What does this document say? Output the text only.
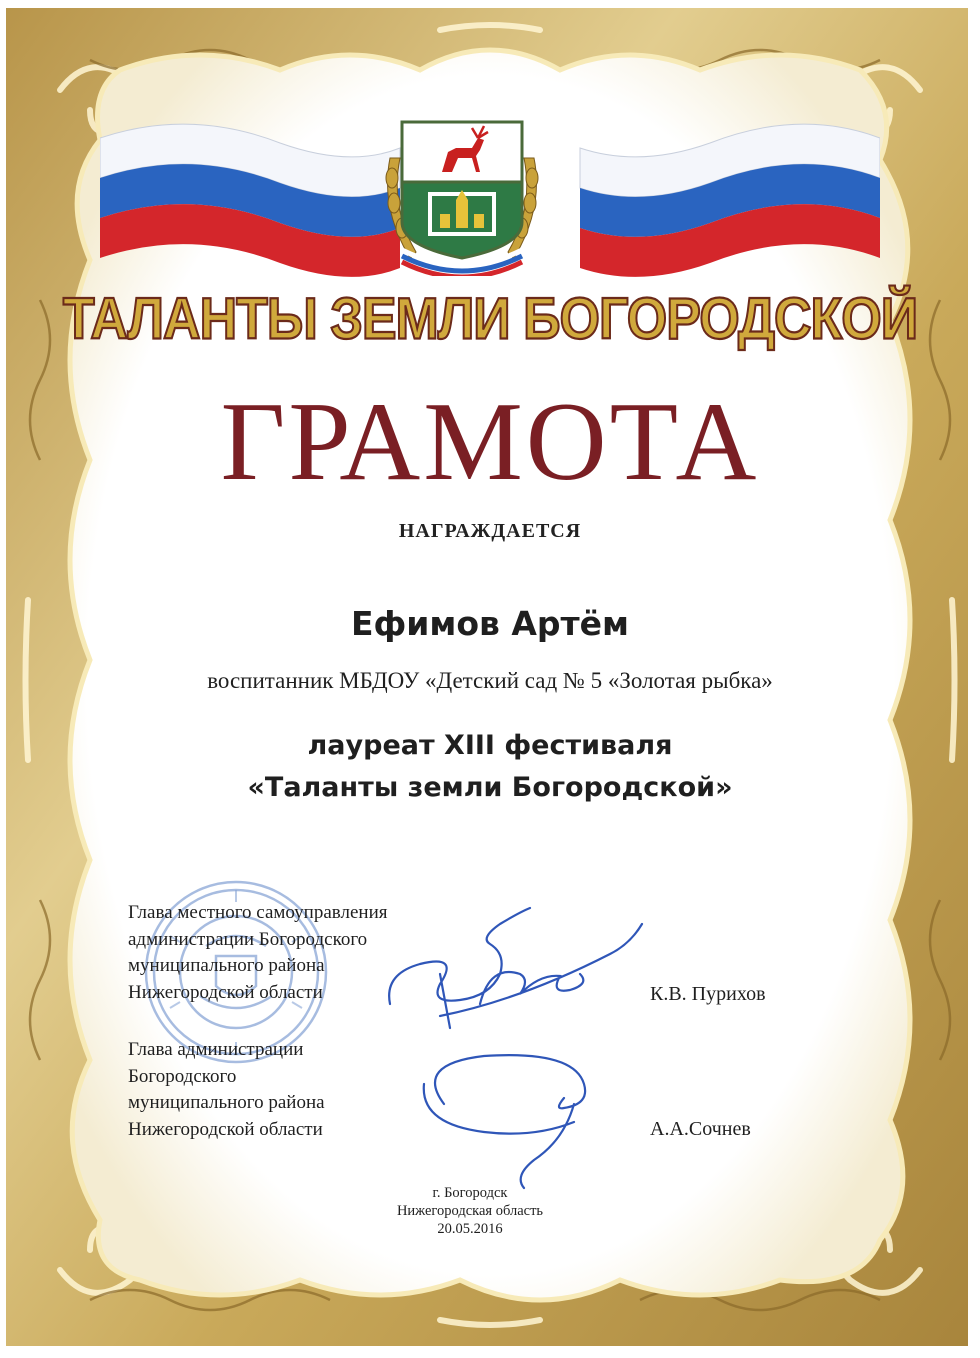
ТАЛАНТЫ ЗЕМЛИ БОГОРОДСКОЙ
ГРАМОТА
НАГРАЖДАЕТСЯ
Ефимов Артём
воспитанник МБДОУ «Детский сад № 5 «Золотая рыбка»
лауреат XIII фестиваля
«Таланты земли Богородской»
Глава местного самоуправления
администрации Богородского
муниципального района
Нижегородской области	К.В. Пурихов
Глава администрации
Богородского
муниципального района
Нижегородской области	А.А.Сочнев
г. Богородск
Нижегородская область
20.05.2016
